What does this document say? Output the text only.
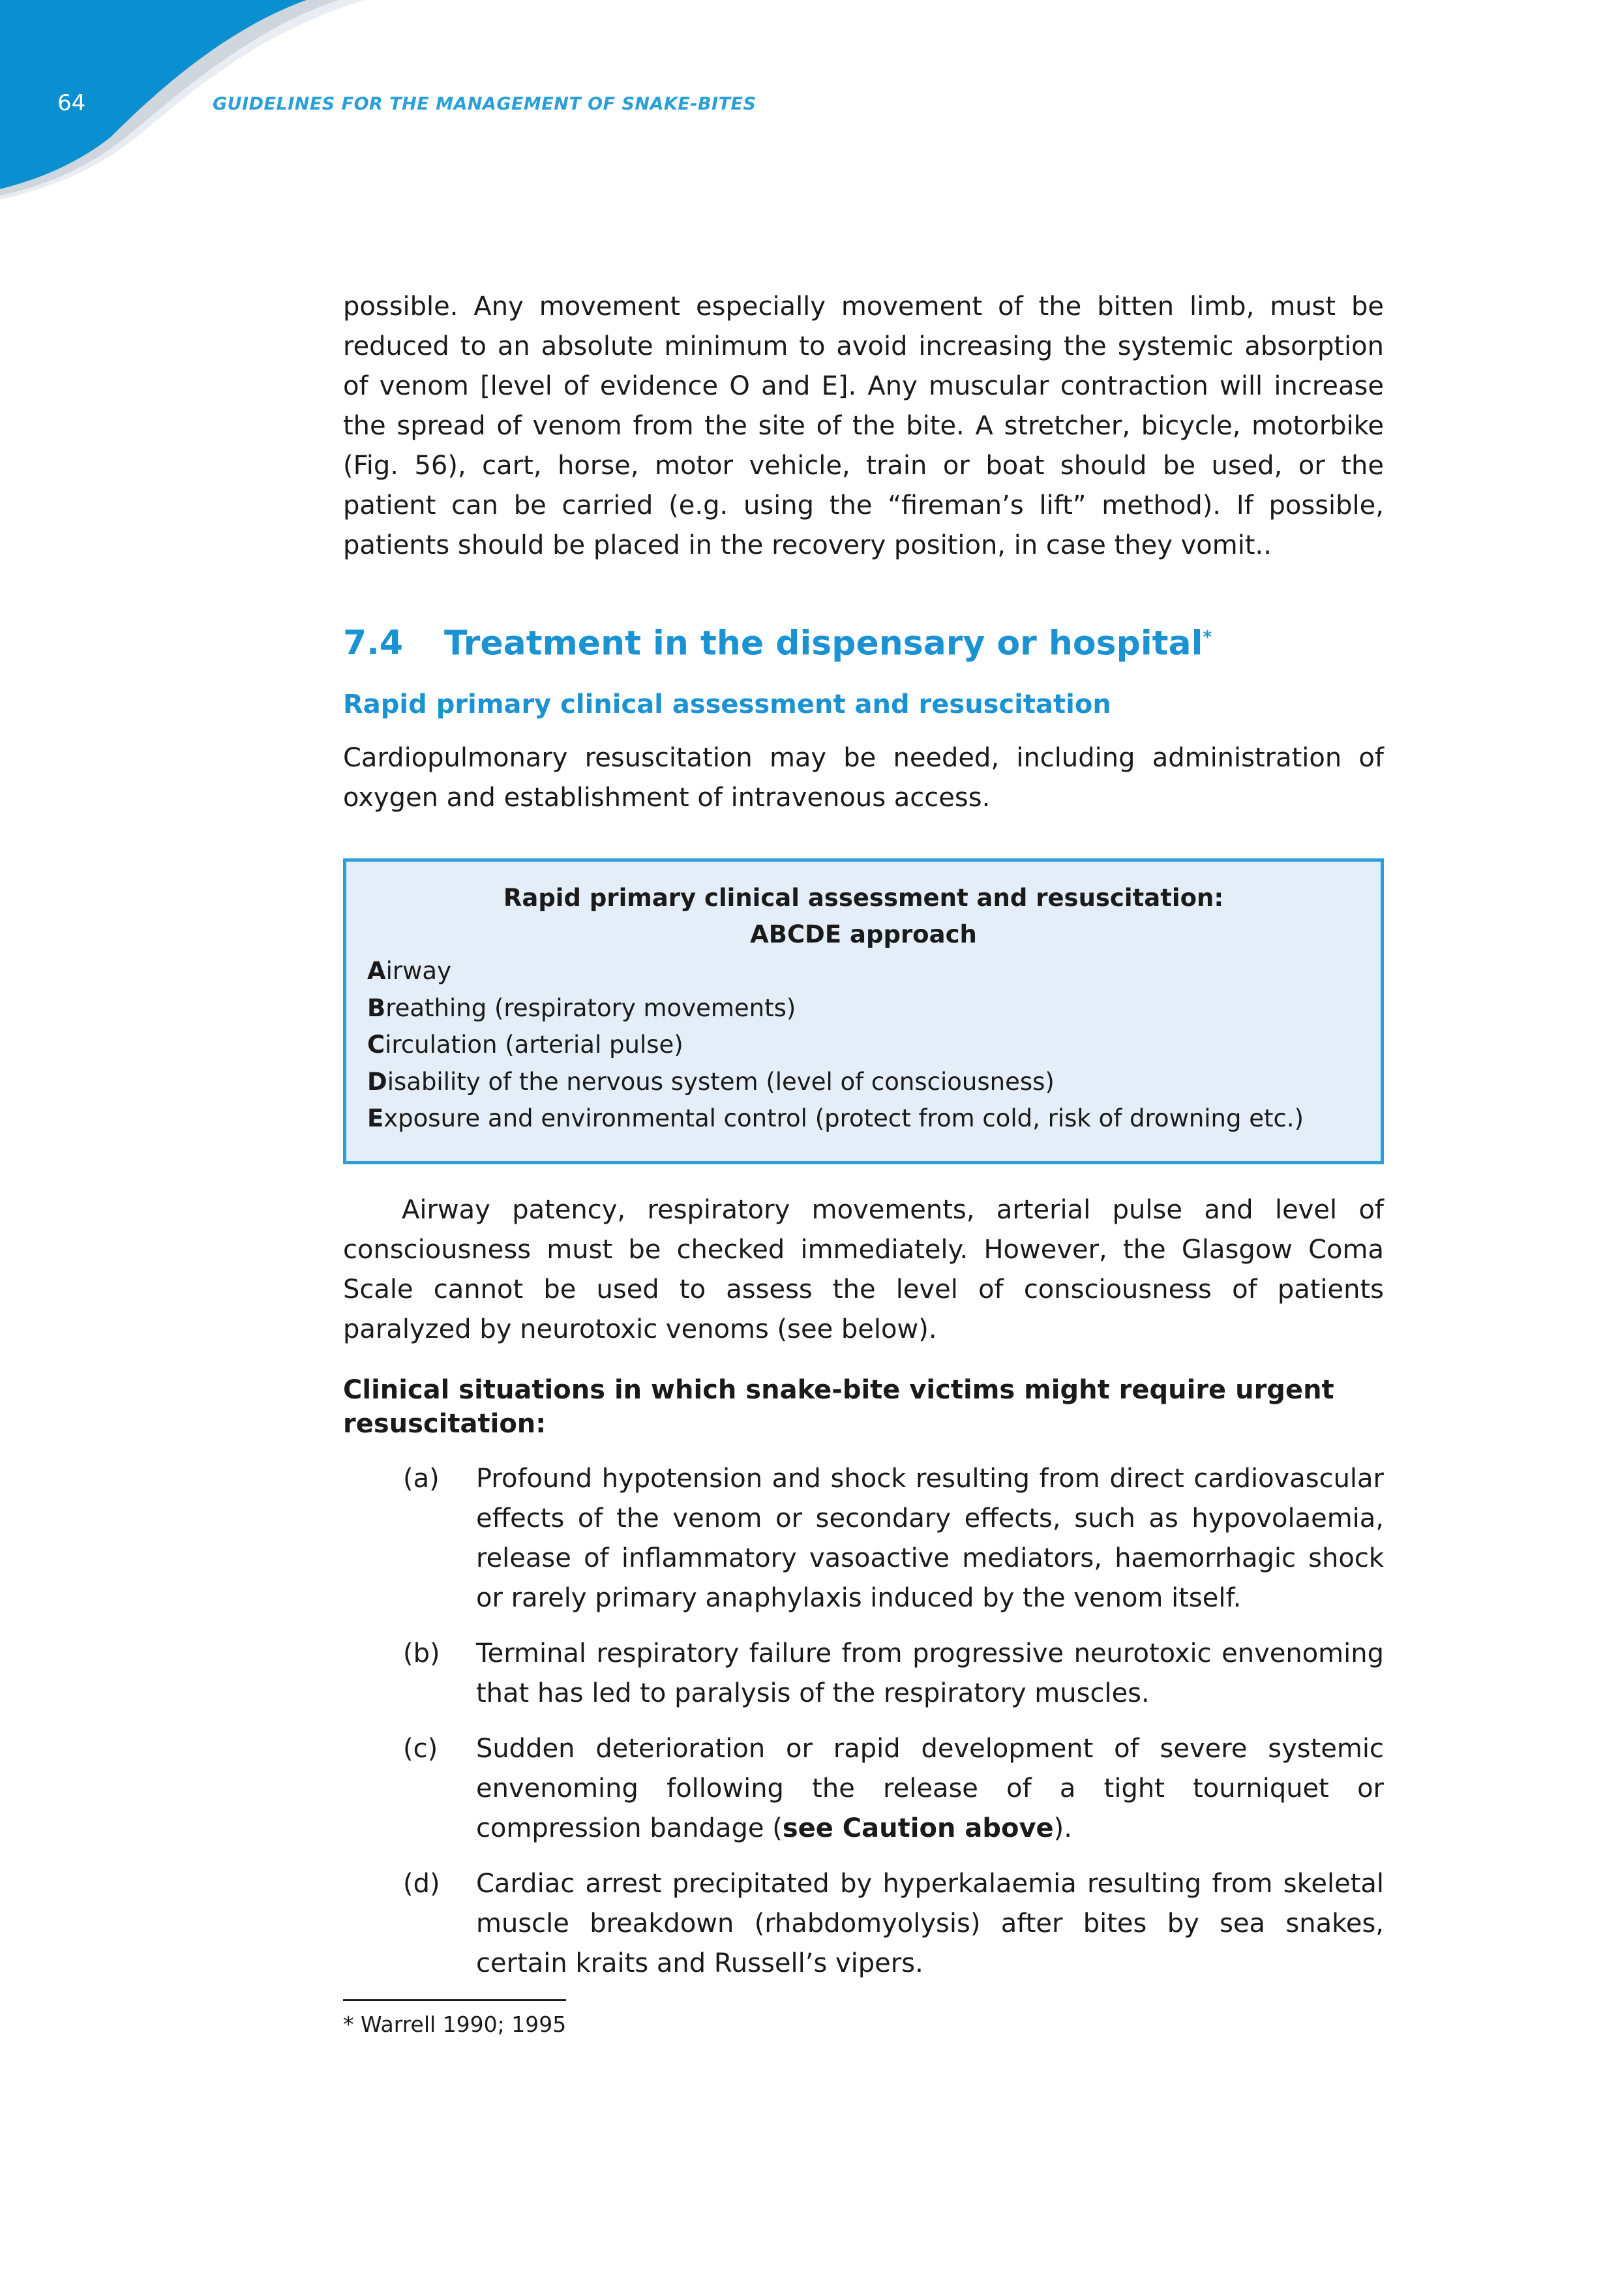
64	GUIDELINES FOR THE MANAGEMENT OF SNAKE-BITES

possible. Any movement especially movement of the bitten limb, must be reduced to an absolute minimum to avoid increasing the systemic absorption of venom [level of evidence O and E]. Any muscular contraction will increase the spread of venom from the site of the bite. A stretcher, bicycle, motorbike (Fig. 56), cart, horse, motor vehicle, train or boat should be used, or the patient can be carried (e.g. using the “fireman’s lift” method). If possible, patients should be placed in the recovery position, in case they vomit..

7.4 Treatment in the dispensary or hospital*
Rapid primary clinical assessment and resuscitation

Cardiopulmonary resuscitation may be needed, including administration of oxygen and establishment of intravenous access.

Rapid primary clinical assessment and resuscitation:

ABCDE approach

Airway

Breathing (respiratory movements)

Circulation (arterial pulse)

Disability of the nervous system (level of consciousness)

Exposure and environmental control (protect from cold, risk of drowning etc.)

Airway patency, respiratory movements, arterial pulse and level of consciousness must be checked immediately. However, the Glasgow Coma Scale cannot be used to assess the level of consciousness of patients paralyzed by neurotoxic venoms (see below).

Clinical situations in which snake-bite victims might require urgent resuscitation:
(a)	Profound hypotension and shock resulting from direct cardiovascular effects of the venom or secondary effects, such as hypovolaemia, release of inflammatory vasoactive mediators, haemorrhagic shock or rarely primary anaphylaxis induced by the venom itself.
(b)	Terminal respiratory failure from progressive neurotoxic envenoming that has led to paralysis of the respiratory muscles.
(c)	Sudden deterioration or rapid development of severe systemic envenoming following the release of a tight tourniquet or compression bandage (see Caution above).
(d)	Cardiac arrest precipitated by hyperkalaemia resulting from skeletal muscle breakdown (rhabdomyolysis) after bites by sea snakes, certain kraits and Russell’s vipers.
* Warrell 1990; 1995
